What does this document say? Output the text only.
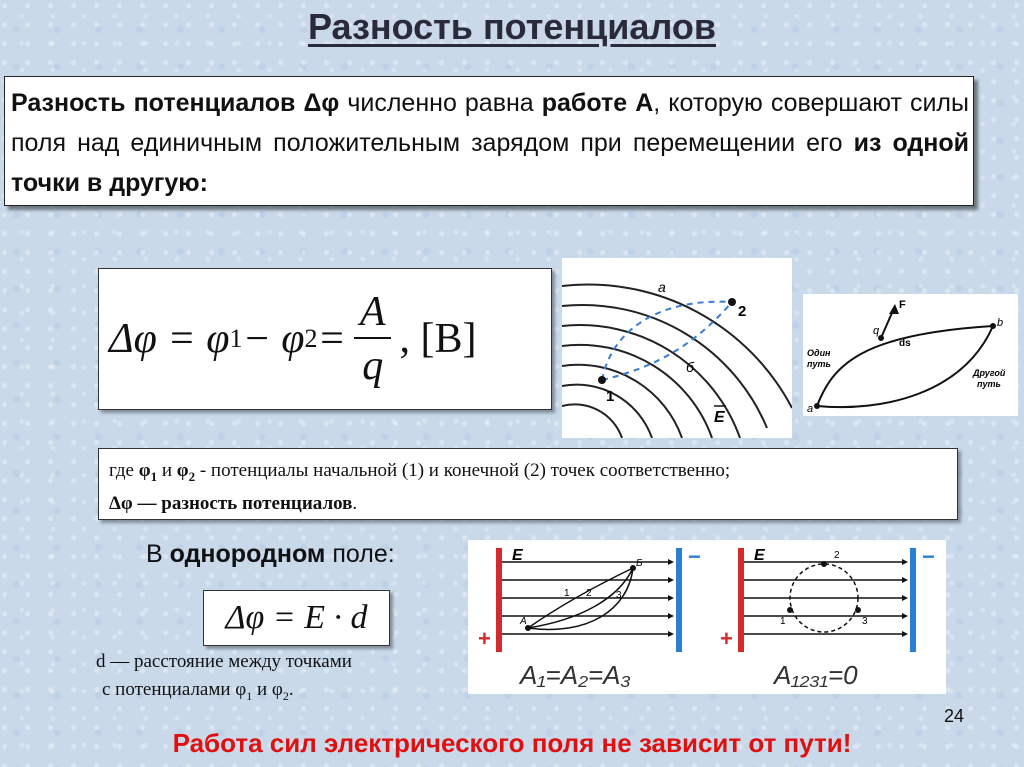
Разность потенциалов
Разность потенциалов Δφ численно равна работе А, которую совершают силы поля над единичным положительным зарядом при перемещении его из одной точки в другую:
Δφ = φ 1 − φ $2 = \frac{A}{q}$ , [В]
a
б
1
2
E
F
q
ds
a
b
Один
путь
Другой
путь
где $\varphi_1$ и $\varphi_2$ - потенциалы начальной (1) и конечной (2) точек соответственно;
Δφ — разность потенциалов.
В однородном поле:
Δφ = E · d
d — расстояние между точками
с потенциалами $\varphi_1$ и $\varphi_2$.
E
+
−
A
Б
1 2 3
A₁=A₂=A₃
E
+
−
2
1	3
A₁₂₃₁=0
24
Работа сил электрического поля не зависит от пути!
